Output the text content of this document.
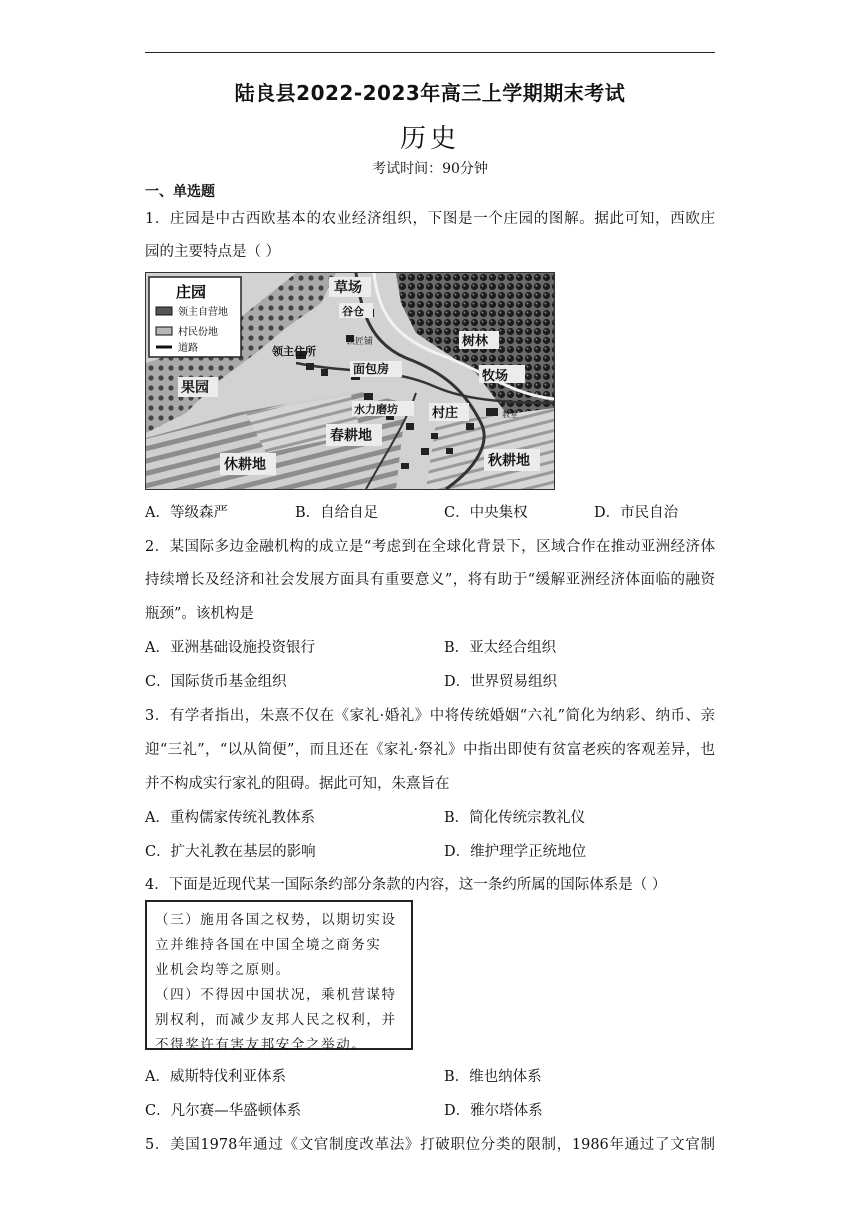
陆良县2022-2023年高三上学期期末考试
历史
考试时间：90分钟
一、单选题
1．庄园是中古西欧基本的农业经济组织，下图是一个庄园的图解。据此可知，西欧庄
园的主要特点是（ ）
庄园
领主自营地
村民份地
道路
草场
谷仓
铁匠铺
领主住所
面包房
树林
牧场
果园
水力磨坊	村庄	教堂
春耕地
休耕地	秋耕地
A．等级森严	B．自给自足	C．中央集权	D．市民自治
2．某国际多边金融机构的成立是“考虑到在全球化背景下，区域合作在推动亚洲经济体
持续增长及经济和社会发展方面具有重要意义”，将有助于“缓解亚洲经济体面临的融资
瓶颈”。该机构是
A．亚洲基础设施投资银行	B．亚太经合组织
C．国际货币基金组织	D．世界贸易组织
3．有学者指出，朱熹不仅在《家礼·婚礼》中将传统婚姻“六礼”简化为纳彩、纳币、亲
迎“三礼”，“以从简便”，而且还在《家礼·祭礼》中指出即使有贫富老疾的客观差异，也
并不构成实行家礼的阻碍。据此可知，朱熹旨在
A．重构儒家传统礼教体系	B．简化传统宗教礼仪
C．扩大礼教在基层的影响	D．维护理学正统地位
4．下面是近现代某一国际条约部分条款的内容，这一条约所属的国际体系是（ ）
（三）施用各国之权势，以期切实设
立并维持各国在中国全境之商务实
业机会均等之原则。
（四）不得因中国状况，乘机营谋特
别权利，而减少友邦人民之权利，并
不得奖许有害友邦安全之举动。
A．威斯特伐利亚体系	B．维也纳体系
C．凡尔赛—华盛顿体系	D．雅尔塔体系
5．美国1978年通过《文官制度改革法》打破职位分类的限制，1986年通过了文官制
